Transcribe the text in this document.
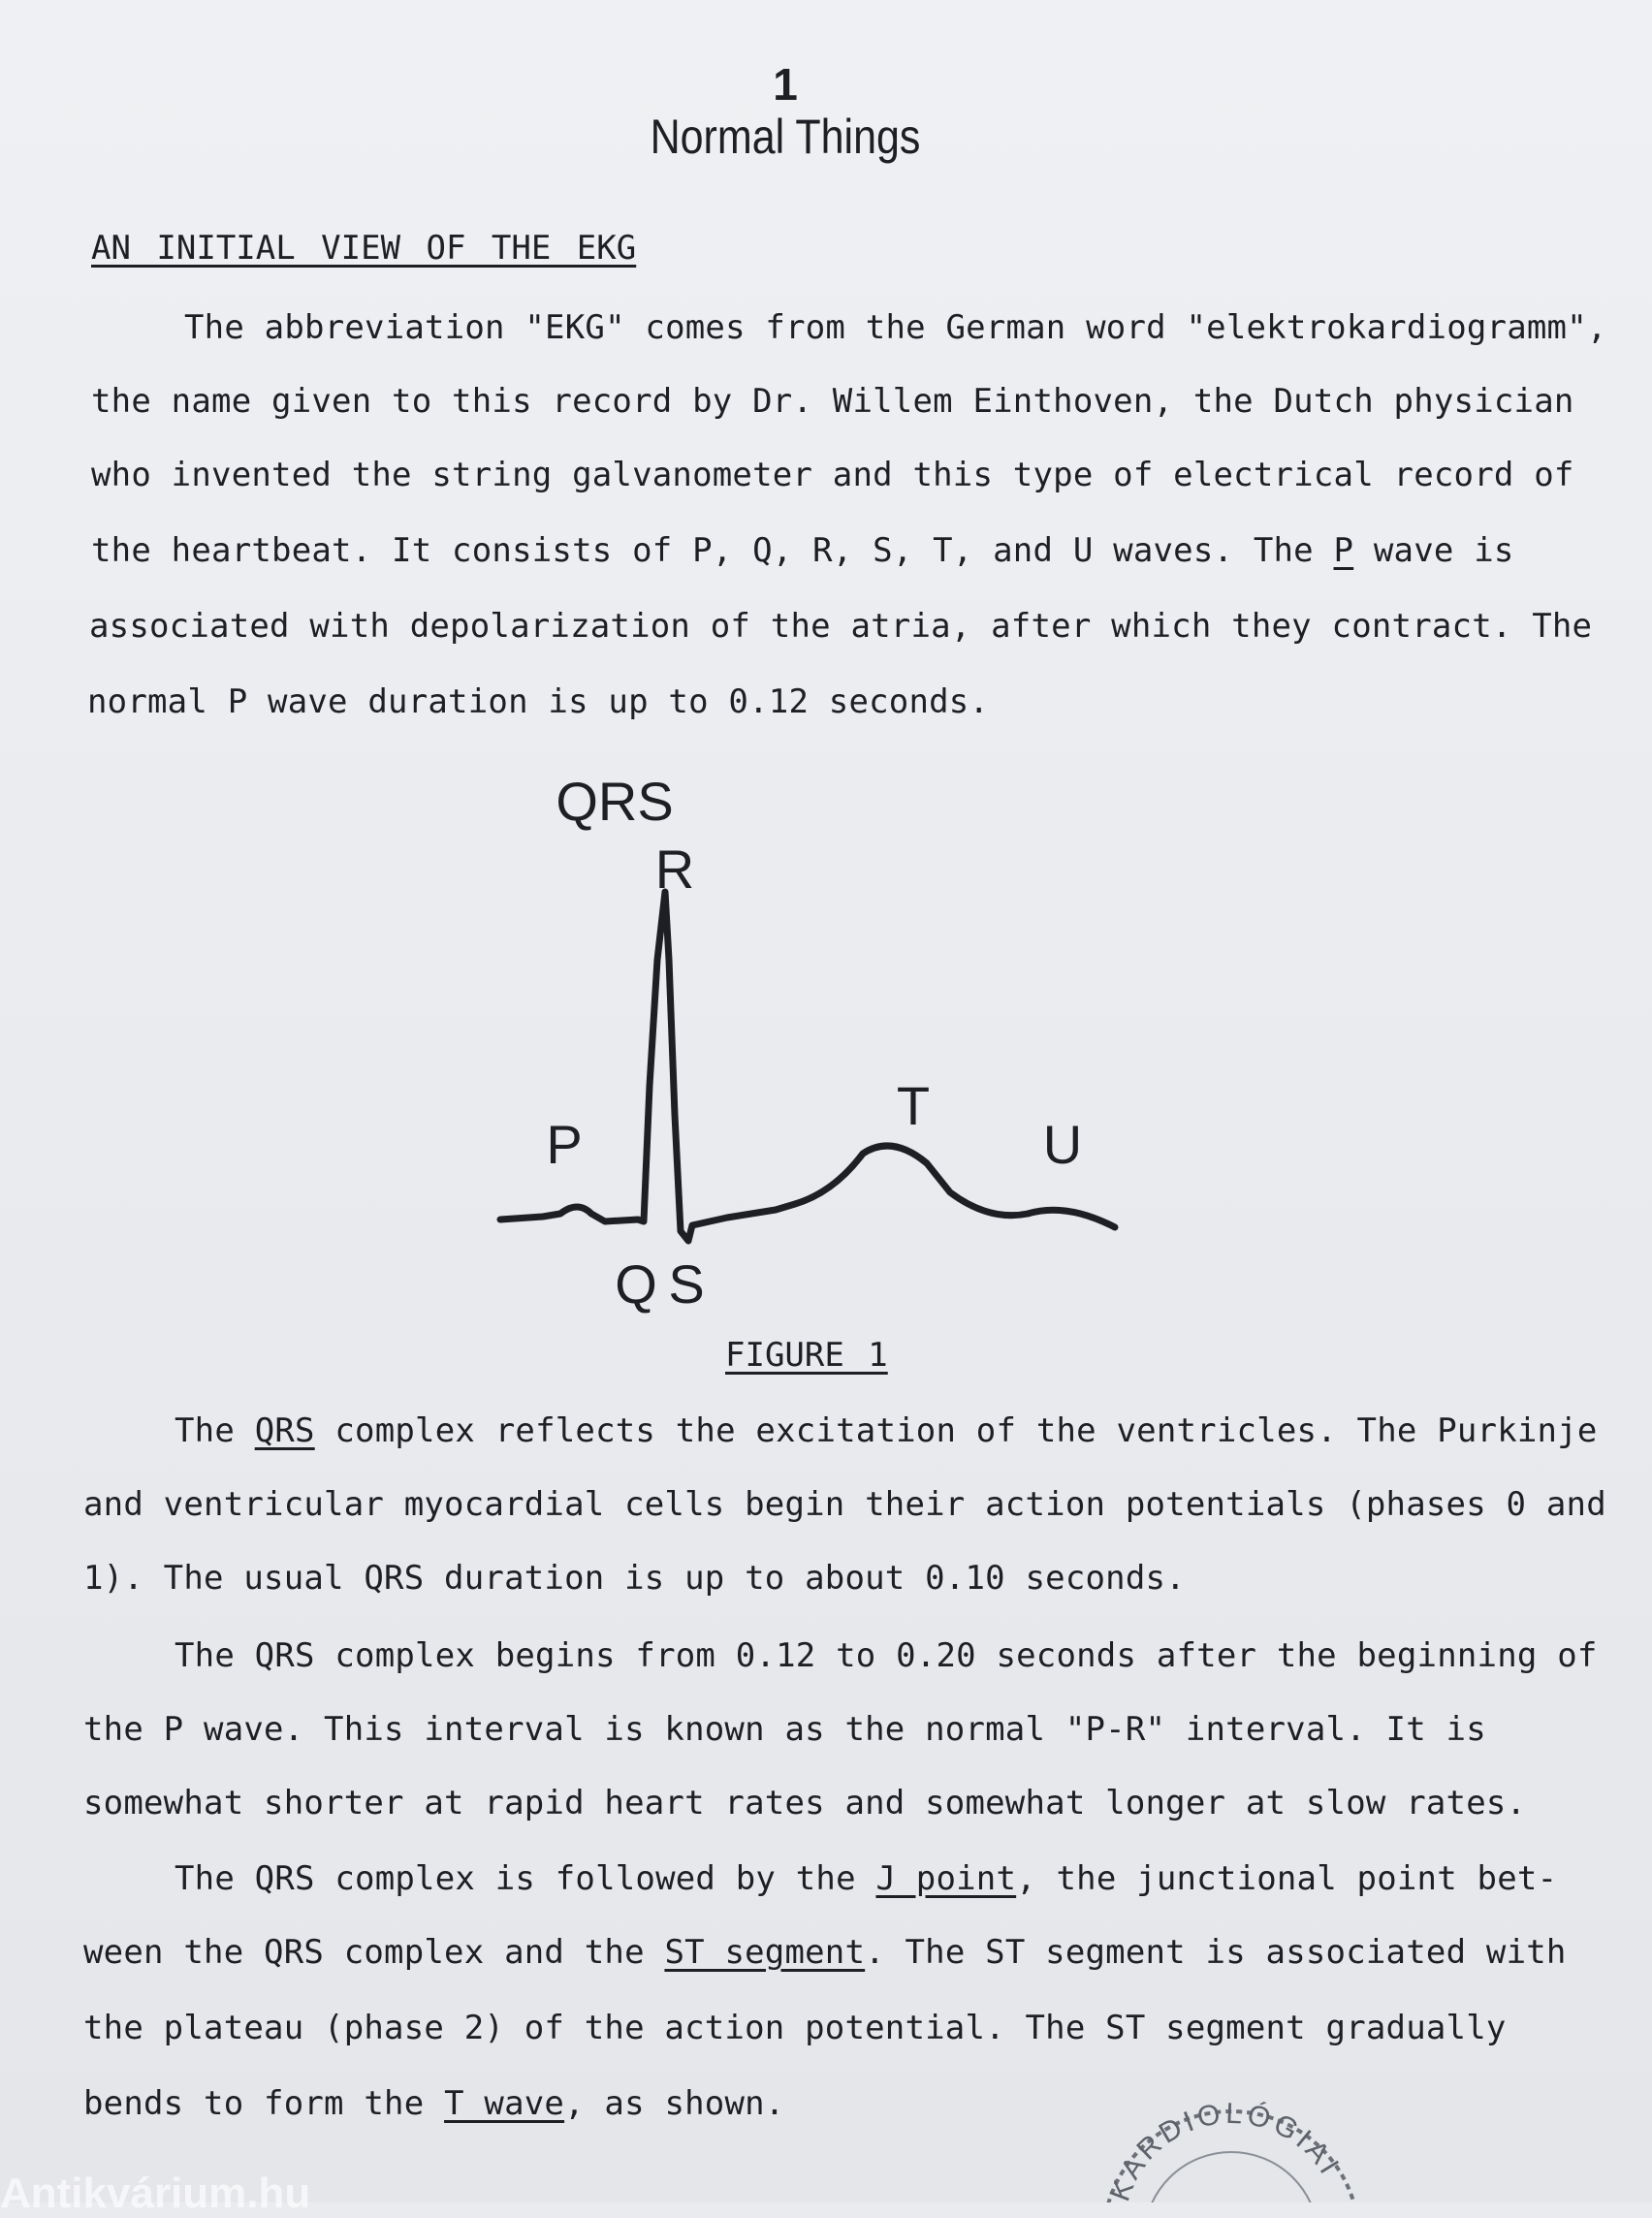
1
Normal Things
AN INITIAL VIEW OF THE EKG
The abbreviation "EKG" comes from the German word "elektrokardiogramm",
the name given to this record by Dr. Willem Einthoven, the Dutch physician
who invented the string galvanometer and this type of electrical record of
the heartbeat. It consists of P, Q, R, S, T, and U waves. The P wave is
associated with depolarization of the atria, after which they contract. The
normal P wave duration is up to 0.12 seconds.
QRS
R
P
T
U
Q S
FIGURE 1
The QRS complex reflects the excitation of the ventricles. The Purkinje
and ventricular myocardial cells begin their action potentials (phases 0 and
1). The usual QRS duration is up to about 0.10 seconds.
The QRS complex begins from 0.12 to 0.20 seconds after the beginning of
the P wave. This interval is known as the normal "P-R" interval. It is
somewhat shorter at rapid heart rates and somewhat longer at slow rates.
The QRS complex is followed by the J point, the junctional point bet-
ween the QRS complex and the ST segment. The ST segment is associated with
the plateau (phase 2) of the action potential. The ST segment gradually
bends to form the T wave, as shown.
KARDIOLÓGIAI
Antikvárium.hu
